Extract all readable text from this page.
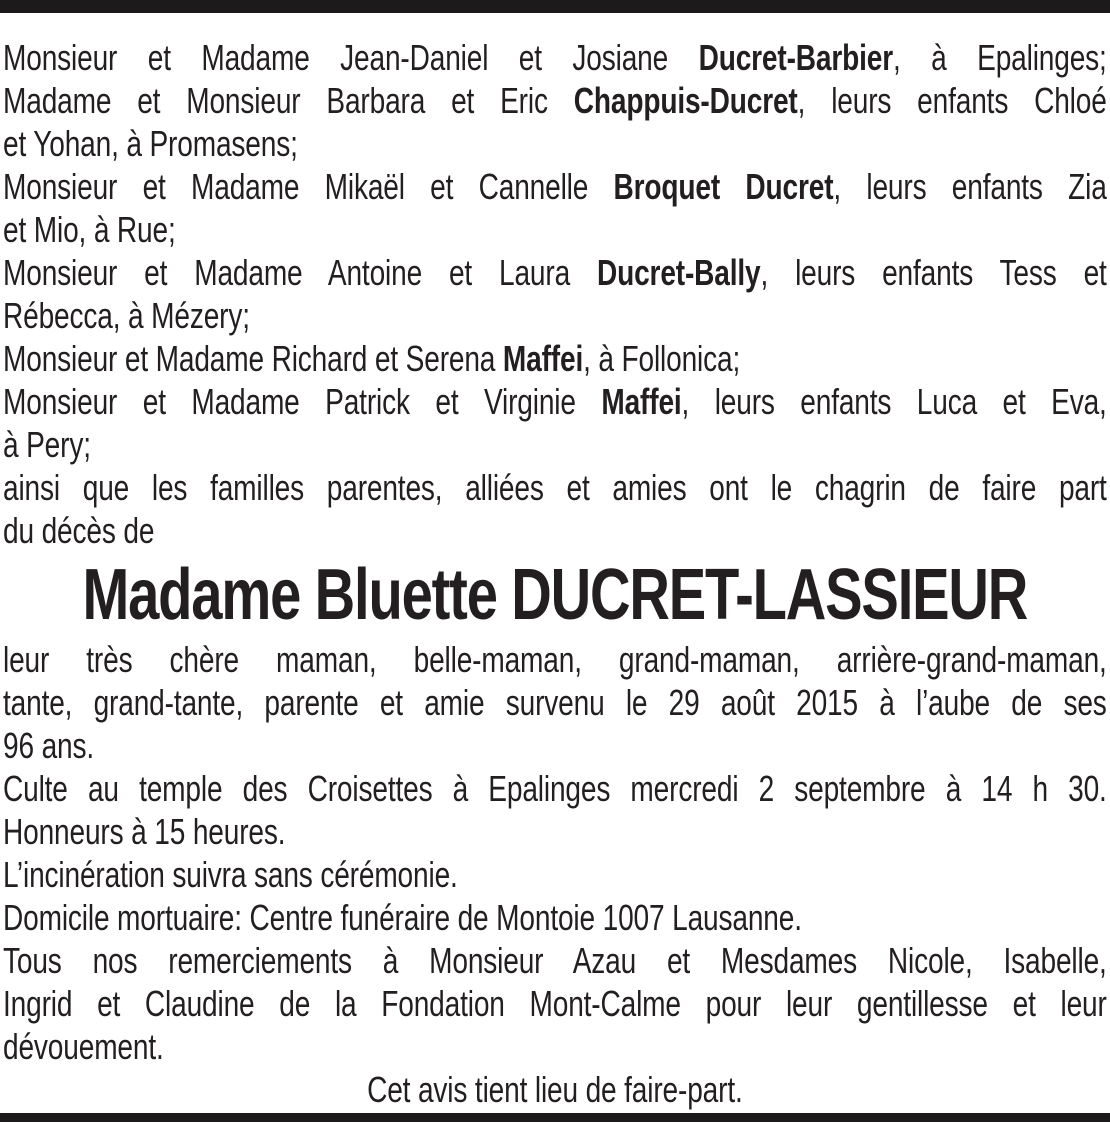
Monsieur et Madame Jean-Daniel et Josiane Ducret-Barbier, à Epalinges;
Madame et Monsieur Barbara et Eric Chappuis-Ducret, leurs enfants Chloé
et Yohan, à Promasens;
Monsieur et Madame Mikaël et Cannelle Broquet Ducret, leurs enfants Zia
et Mio, à Rue;
Monsieur et Madame Antoine et Laura Ducret-Bally, leurs enfants Tess et
Rébecca, à Mézery;
Monsieur et Madame Richard et Serena Maffei, à Follonica;
Monsieur et Madame Patrick et Virginie Maffei, leurs enfants Luca et Eva,
à Pery;
ainsi que les familles parentes, alliées et amies ont le chagrin de faire part
du décès de
Madame Bluette DUCRET-LASSIEUR
leur très chère maman, belle-maman, grand-maman, arrière-grand-maman,
tante, grand-tante, parente et amie survenu le 29 août 2015 à l’aube de ses
96 ans.
Culte au temple des Croisettes à Epalinges mercredi 2 septembre à 14 h 30.
Honneurs à 15 heures.
L’incinération suivra sans cérémonie.
Domicile mortuaire: Centre funéraire de Montoie 1007 Lausanne.
Tous nos remerciements à Monsieur Azau et Mesdames Nicole, Isabelle,
Ingrid et Claudine de la Fondation Mont-Calme pour leur gentillesse et leur
dévouement.
Cet avis tient lieu de faire-part.
